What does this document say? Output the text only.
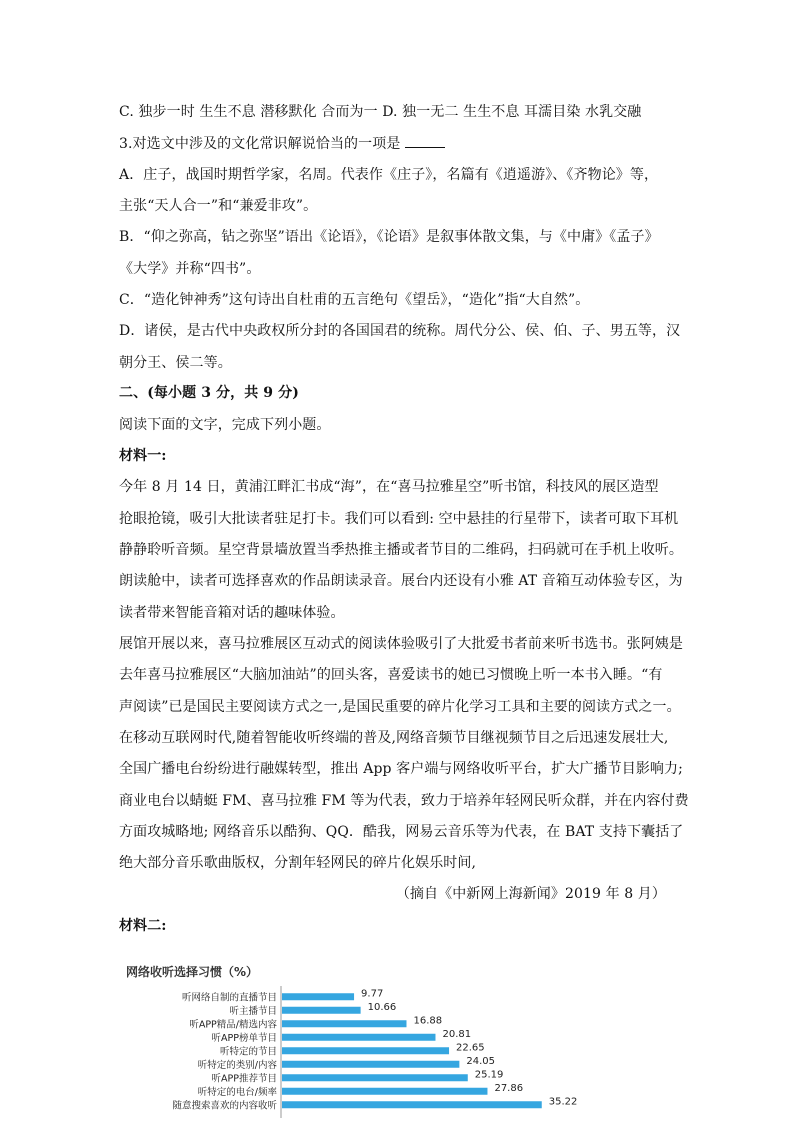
C. 独步一时 生生不息 潜移默化 合而为一 D. 独一无二 生生不息 耳濡目染 水乳交融
3.对选文中涉及的文化常识解说恰当的一项是
A．庄子，战国时期哲学家，名周。代表作《庄子》，名篇有《逍遥游》、《齐物论》等，
主张“天人合一”和“兼爱非攻”。
B．“仰之弥高，钻之弥坚”语出《论语》，《论语》是叙事体散文集，与《中庸》《孟子》
《大学》并称“四书”。
C．“造化钟神秀”这句诗出自杜甫的五言绝句《望岳》，“造化”指“大自然”。
D．诸侯，是古代中央政权所分封的各国国君的统称。周代分公、侯、伯、子、男五等，汉
朝分王、侯二等。
二、(每小题 3 分，共 9 分)
阅读下面的文字，完成下列小题。
材料一:
今年 8 月 14 日，黄浦江畔汇书成“海”，在“喜马拉雅星空”听书馆，科技风的展区造型
抢眼抢镜，吸引大批读者驻足打卡。我们可以看到: 空中悬挂的行星带下，读者可取下耳机
静静聆听音频。星空背景墙放置当季热推主播或者节目的二维码，扫码就可在手机上收听。
朗读舱中，读者可选择喜欢的作品朗读录音。展台内还设有小雅 AT 音箱互动体验专区，为
读者带来智能音箱对话的趣味体验。
展馆开展以来，喜马拉雅展区互动式的阅读体验吸引了大批爱书者前来听书选书。张阿姨是
去年喜马拉雅展区“大脑加油站”的回头客，喜爱读书的她已习惯晚上听一本书入睡。“有
声阅读”已是国民主要阅读方式之一,是国民重要的碎片化学习工具和主要的阅读方式之一。
在移动互联网时代,随着智能收听终端的普及,网络音频节目继视频节目之后迅速发展壮大,
全国广播电台纷纷进行融媒转型，推出 App 客户端与网络收听平台，扩大广播节目影响力;
商业电台以蜻蜓 FM、喜马拉雅 FM 等为代表，致力于培养年轻网民听众群，并在内容付费
方面攻城略地; 网络音乐以酷狗、QQ．酷我，网易云音乐等为代表，在 BAT 支持下囊括了
绝大部分音乐歌曲版权，分割年轻网民的碎片化娱乐时间,
（摘自《中新网上海新闻》2019 年 8 月）
材料二:
网络收听选择习惯（%）
听网络自制的直播节目	9.77
听主播节目	10.66
听APP精品/精选内容	16.88
听APP榜单节目	20.81
听特定的节目	22.65
听特定的类别/内容	24.05
听APP推荐节目	25.19
听特定的电台/频率	27.86
随意搜索喜欢的内容收听	35.22
